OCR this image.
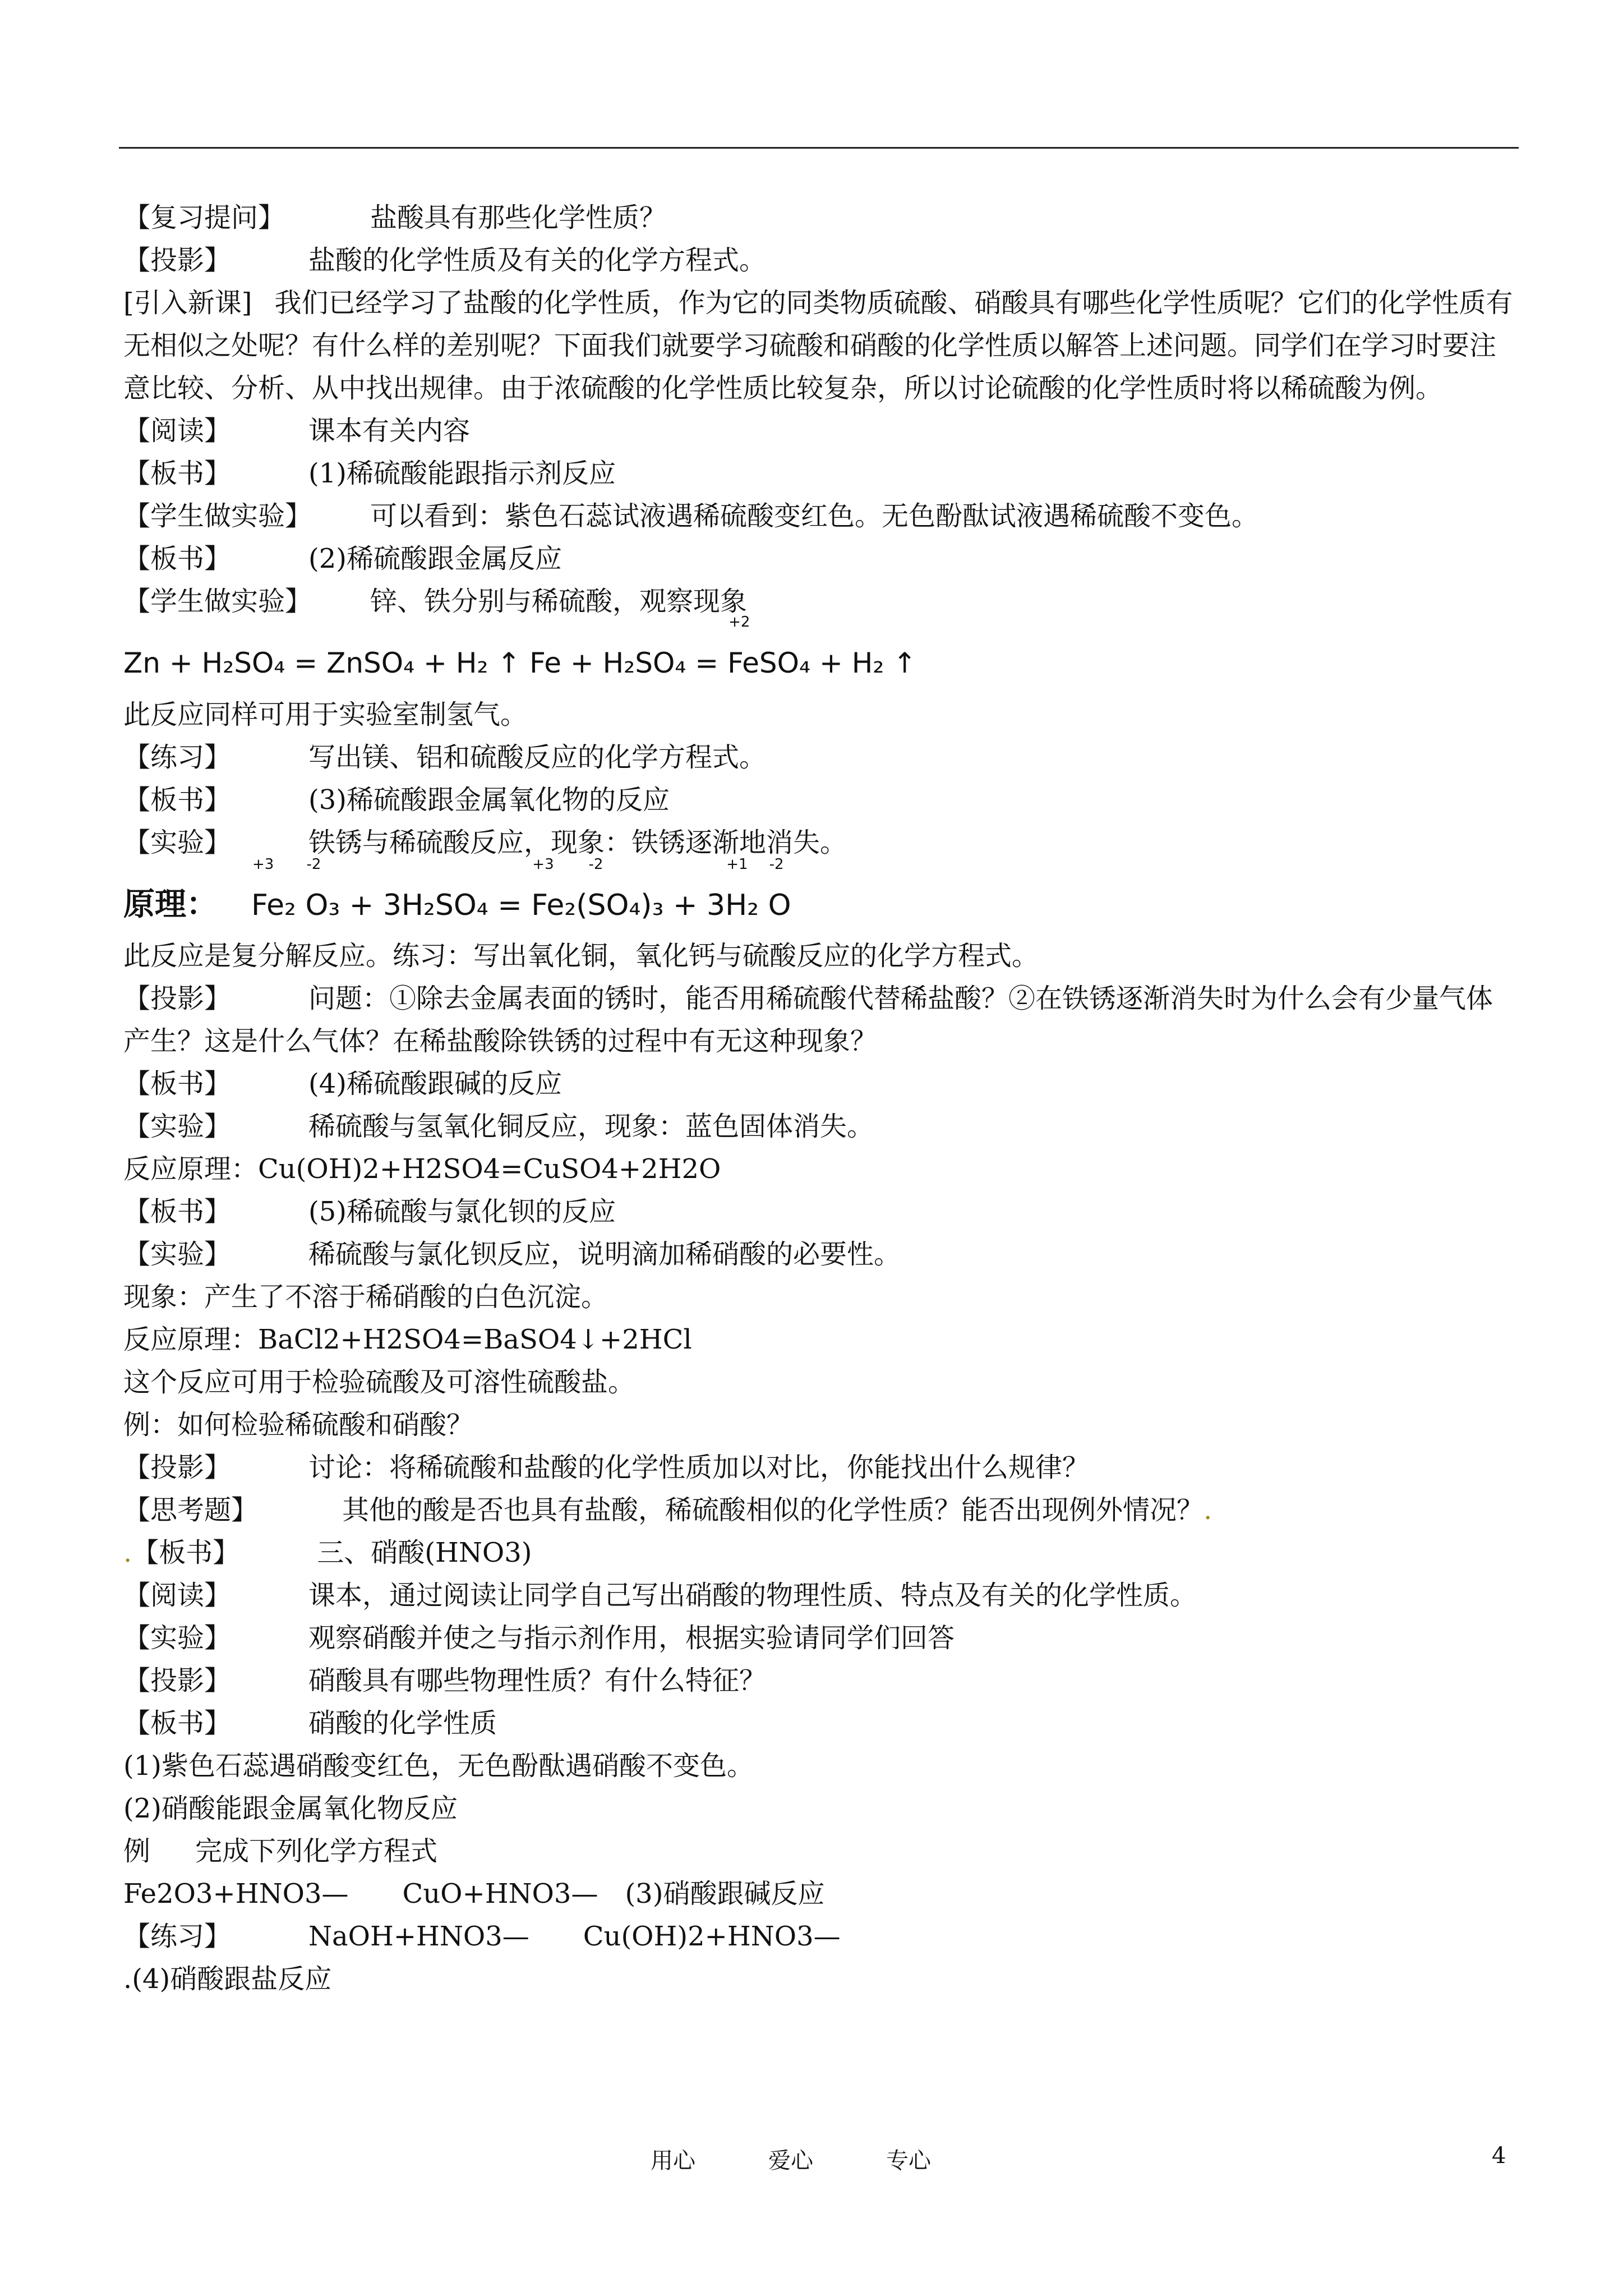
【复习提问】	盐酸具有那些化学性质？
【投影】	盐酸的化学性质及有关的化学方程式。
[引入新课] 我们已经学习了盐酸的化学性质，作为它的同类物质硫酸、硝酸具有哪些化学性质呢？它们的化学性质有无相似之处呢？有什么样的差别呢？下面我们就要学习硫酸和硝酸的化学性质以解答上述问题。同学们在学习时要注意比较、分析、从中找出规律。由于浓硫酸的化学性质比较复杂，所以讨论硫酸的化学性质时将以稀硫酸为例。
【阅读】	课本有关内容
【板书】	(1)稀硫酸能跟指示剂反应
【学生做实验】 可以看到：紫色石蕊试液遇稀硫酸变红色。无色酚酞试液遇稀硫酸不变色。
【板书】	(2)稀硫酸跟金属反应
【学生做实验】 锌、铁分别与稀硫酸，观察现象
Zn + H₂SO₄ = ZnSO₄ + H₂ ↑ Fe + H₂SO₄ =
+2
FeSO₄ + H₂ ↑
此反应同样可用于实验室制氢气。
【练习】	写出镁、铝和硫酸反应的化学方程式。
【板书】	(3)稀硫酸跟金属氧化物的反应
【实验】	铁锈与稀硫酸反应，现象：铁锈逐渐地消失。
原理：
+3
Fe₂
-2
O₃ + 3H₂SO₄ =
+3
Fe₂(
-2
SO₄)₃ + 3
+1
H₂
-2
O
此反应是复分解反应。练习：写出氧化铜，氧化钙与硫酸反应的化学方程式。
【投影】	问题：①除去金属表面的锈时，能否用稀硫酸代替稀盐酸？②在铁锈逐渐消失时为什么会有少量气体产生？这是什么气体？在稀盐酸除铁锈的过程中有无这种现象？
【板书】	(4)稀硫酸跟碱的反应
【实验】	稀硫酸与氢氧化铜反应，现象：蓝色固体消失。
反应原理：Cu(OH)2+H2SO4=CuSO4+2H2O
【板书】	(5)稀硫酸与氯化钡的反应
【实验】	稀硫酸与氯化钡反应，说明滴加稀硝酸的必要性。
现象：产生了不溶于稀硝酸的白色沉淀。
反应原理：BaCl2+H2SO4=BaSO4↓+2HCl
这个反应可用于检验硫酸及可溶性硫酸盐。
例：如何检验稀硫酸和硝酸？
【投影】	讨论：将稀硫酸和盐酸的化学性质加以对比，你能找出什么规律？
【思考题】	其他的酸是否也具有盐酸，稀硫酸相似的化学性质？能否出现例外情况？.
.【板书】	三、硝酸(HNO3)
【阅读】	课本，通过阅读让同学自己写出硝酸的物理性质、特点及有关的化学性质。
【实验】	观察硝酸并使之与指示剂作用，根据实验请同学们回答
【投影】	硝酸具有哪些物理性质？有什么特征？
【板书】	硝酸的化学性质
(1)紫色石蕊遇硝酸变红色，无色酚酞遇硝酸不变色。
(2)硝酸能跟金属氧化物反应
例 完成下列化学方程式
Fe2O3+HNO3—　　CuO+HNO3—　(3)硝酸跟碱反应
【练习】	NaOH+HNO3—　　Cu(OH)2+HNO3—
.(4)硝酸跟盐反应
用心	爱心	专心	4
